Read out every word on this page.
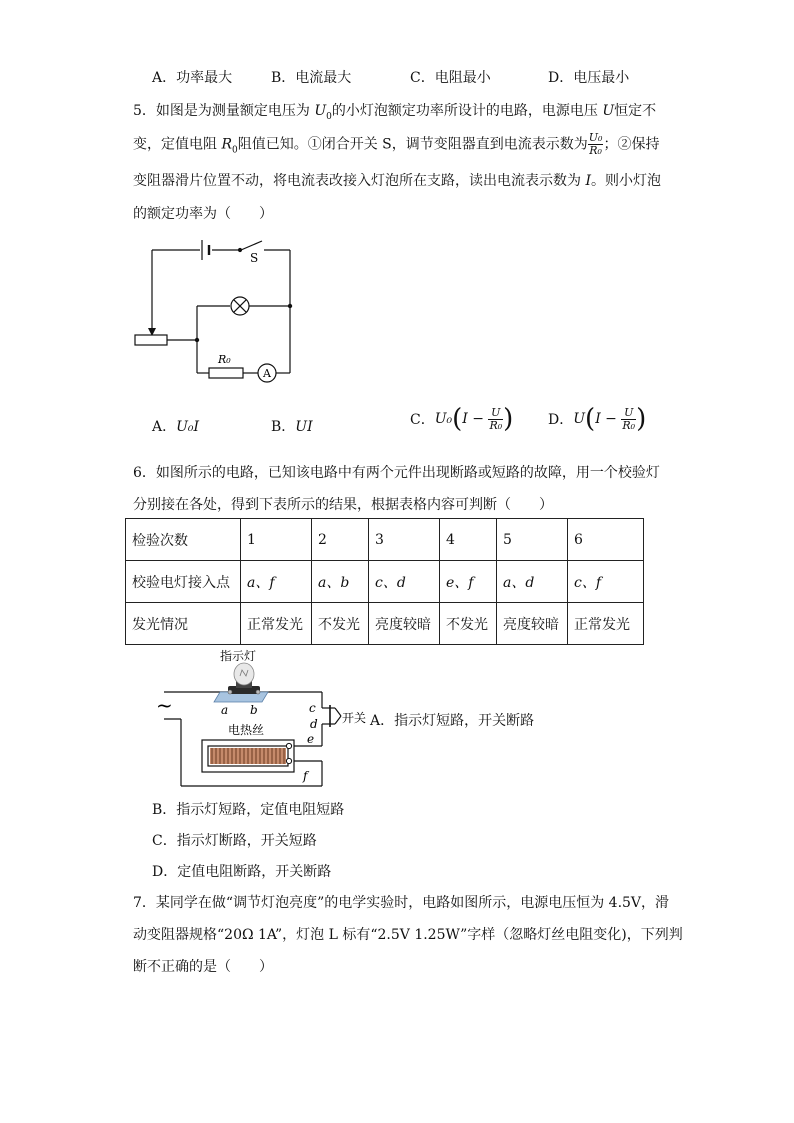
A．功率最大	B．电流最大	C．电阻最小	D．电压最小
5．如图是为测量额定电压为 $U_0$的小灯泡额定功率所设计的电路，电源电压 U恒定不
变，定值电阻 $R_0$阻值已知。①闭合开关 S，调节变阻器直到电流表示数为 $\frac{\text{U₀}}{\text{R₀}}$ ；②保持
变阻器滑片位置不动，将电流表改接入灯泡所在支路，读出电流表示数为 I。则小灯泡
的额定功率为（　　）
S
R₀
A
A．U₀I	B．UI	C．$U_0(I - \frac{U}{\text{R₀}}$ ) D．$U(I - \frac{U}{\text{R₀}}$ )
6．如图所示的电路，已知该电路中有两个元件出现断路或短路的故障，用一个校验灯
分别接在各处，得到下表所示的结果，根据表格内容可判断（　　）
检验次数	1	2	3	4	5	6
校验电灯接入点	a、f	a、b	c、d	e、f	a、d	c、f
发光情况	正常发光	不发光	亮度较暗	不发光	亮度较暗	正常发光
~
指示灯
电热丝
a b	c
d
e
f
开关 A．指示灯短路，开关断路
B．指示灯短路，定值电阻短路
C．指示灯断路，开关短路
D．定值电阻断路，开关断路
7．某同学在做“调节灯泡亮度”的电学实验时，电路如图所示，电源电压恒为 4.5V，滑
动变阻器规格“20Ω 1A”，灯泡 L 标有“2.5V 1.25W”字样（忽略灯丝电阻变化)，下列判
断不正确的是（　　）
